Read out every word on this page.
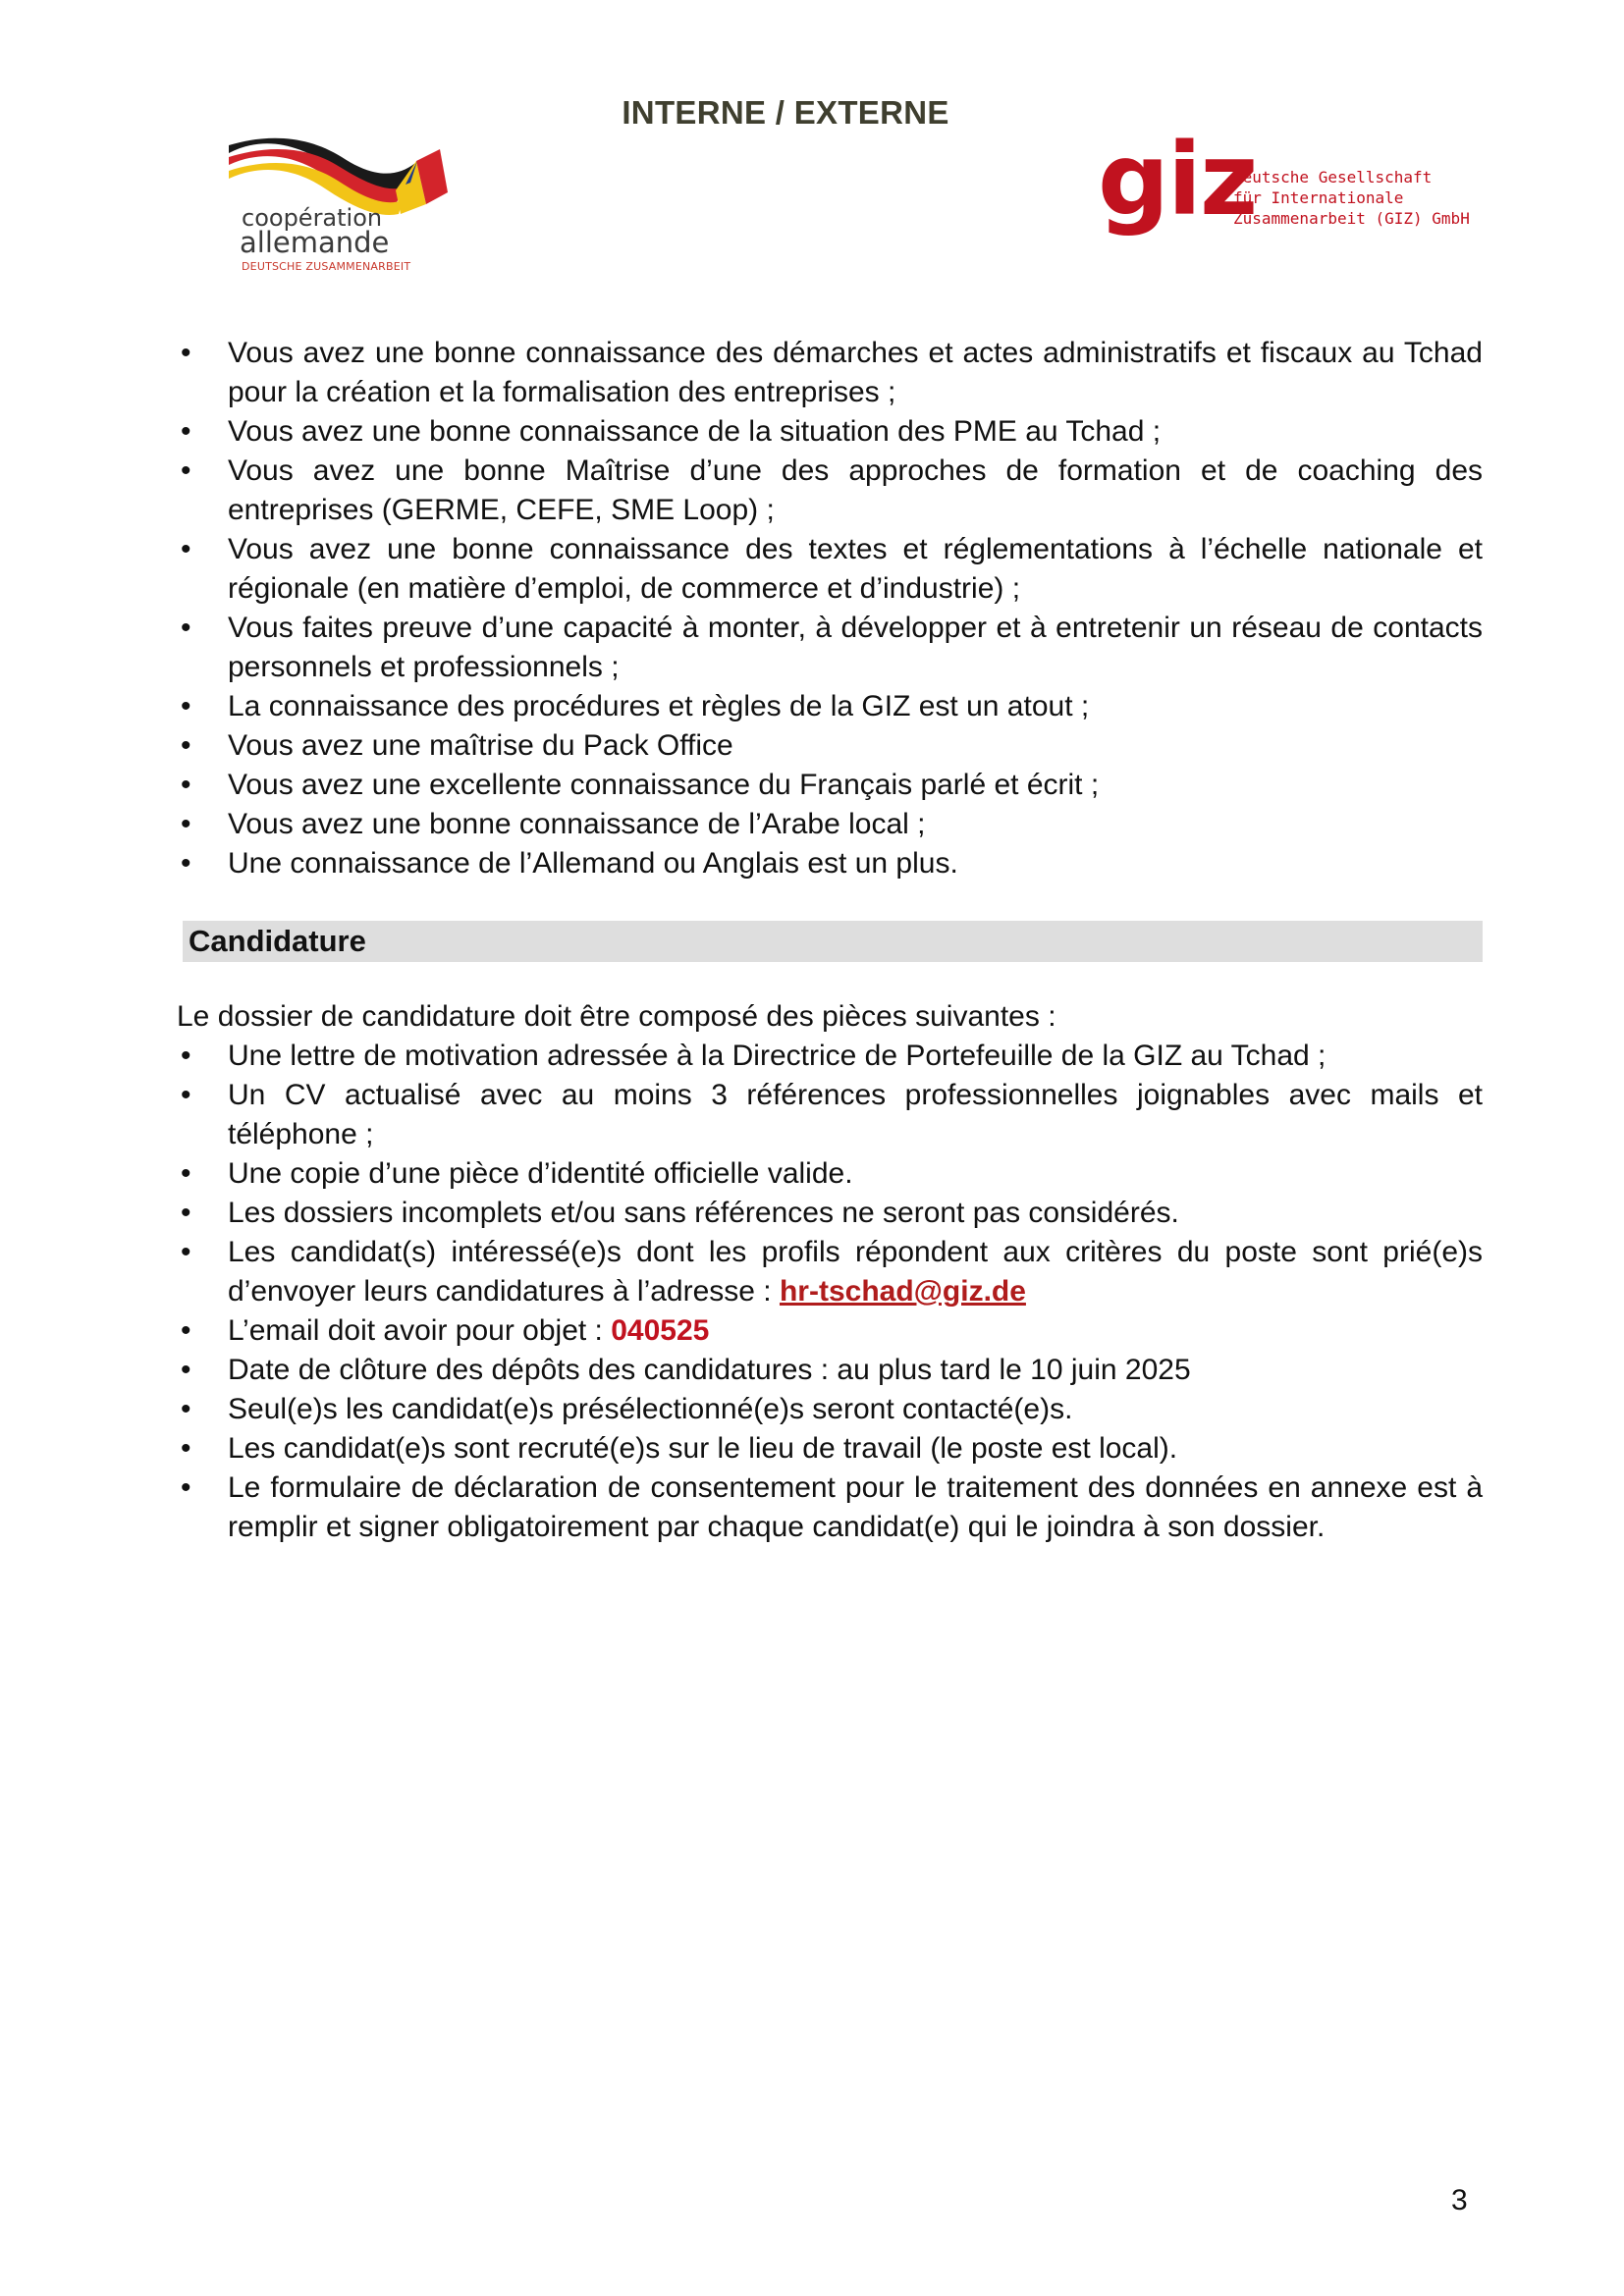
INTERNE / EXTERNE
coopération
allemande
DEUTSCHE ZUSAMMENARBEIT
giz
Deutsche Gesellschaft
für Internationale
Zusammenarbeit (GIZ) GmbH
• Vous avez une bonne connaissance des démarches et actes administratifs et fiscaux au Tchad pour la création et la formalisation des entreprises ;
• Vous avez une bonne connaissance de la situation des PME au Tchad ;
• Vous avez une bonne Maîtrise d’une des approches de formation et de coaching des entreprises (GERME, CEFE, SME Loop) ;
• Vous avez une bonne connaissance des textes et réglementations à l’échelle nationale et régionale (en matière d’emploi, de commerce et d’industrie) ;
• Vous faites preuve d’une capacité à monter, à développer et à entretenir un réseau de contacts personnels et professionnels ;
• La connaissance des procédures et règles de la GIZ est un atout ;
• Vous avez une maîtrise du Pack Office
• Vous avez une excellente connaissance du Français parlé et écrit ;
• Vous avez une bonne connaissance de l’Arabe local ;
• Une connaissance de l’Allemand ou Anglais est un plus.
Candidature
Le dossier de candidature doit être composé des pièces suivantes :
• Une lettre de motivation adressée à la Directrice de Portefeuille de la GIZ au Tchad ;
• Un CV actualisé avec au moins 3 références professionnelles joignables avec mails et téléphone ;
• Une copie d’une pièce d’identité officielle valide.
• Les dossiers incomplets et/ou sans références ne seront pas considérés.
• Les candidat(s) intéressé(e)s dont les profils répondent aux critères du poste sont prié(e)s d’envoyer leurs candidatures à l’adresse : hr-tschad@giz.de
• L’email doit avoir pour objet : 040525
• Date de clôture des dépôts des candidatures : au plus tard le 10 juin 2025
• Seul(e)s les candidat(e)s présélectionné(e)s seront contacté(e)s.
• Les candidat(e)s sont recruté(e)s sur le lieu de travail (le poste est local).
• Le formulaire de déclaration de consentement pour le traitement des données en annexe est à remplir et signer obligatoirement par chaque candidat(e) qui le joindra à son dossier.
3
